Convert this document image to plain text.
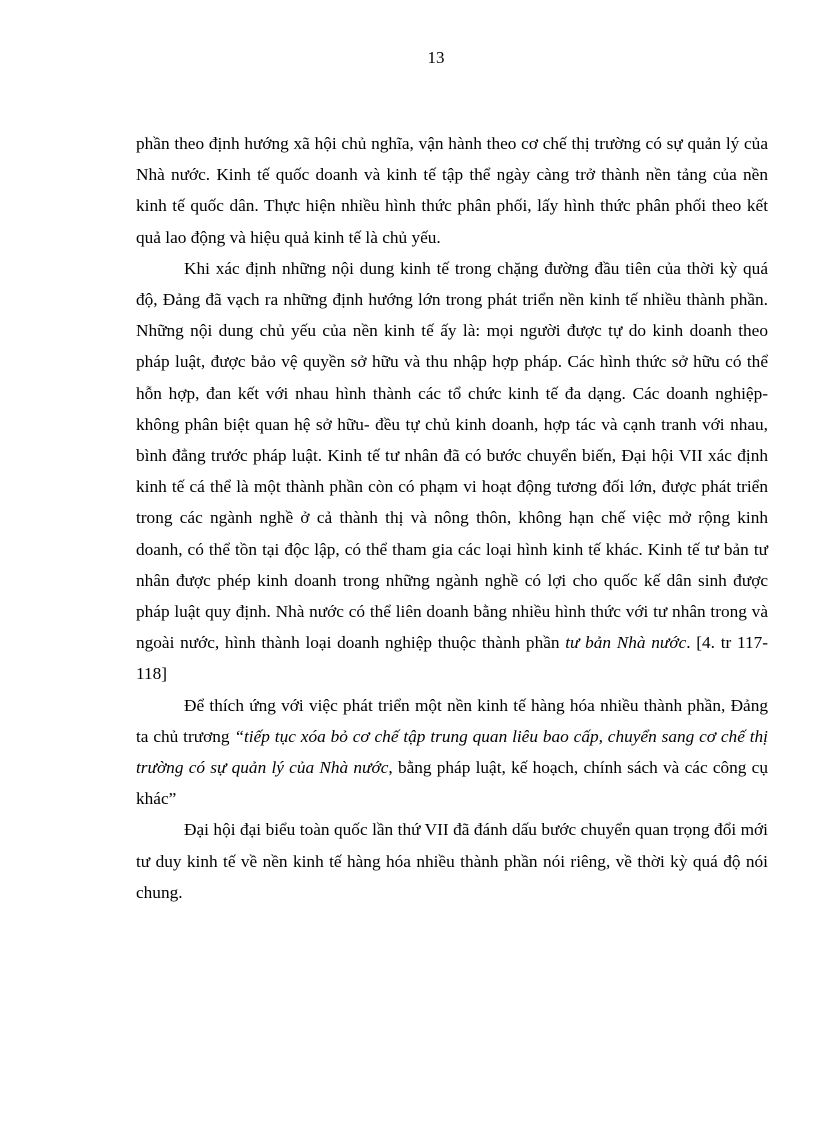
13

phần theo định hướng xã hội chủ nghĩa, vận hành theo cơ chế thị trường có sự quản lý của Nhà nước. Kinh tế quốc doanh và kinh tế tập thể ngày càng trở thành nền tảng của nền kinh tế quốc dân. Thực hiện nhiều hình thức phân phối, lấy hình thức phân phối theo kết quả lao động và hiệu quả kinh tế là chủ yếu.

Khi xác định những nội dung kinh tế trong chặng đường đầu tiên của thời kỳ quá độ, Đảng đã vạch ra những định hướng lớn trong phát triển nền kinh tế nhiều thành phần. Những nội dung chủ yếu của nền kinh tế ấy là: mọi người được tự do kinh doanh theo pháp luật, được bảo vệ quyền sở hữu và thu nhập hợp pháp. Các hình thức sở hữu có thể hỗn hợp, đan kết với nhau hình thành các tổ chức kinh tế đa dạng. Các doanh nghiệp- không phân biệt quan hệ sở hữu- đều tự chủ kinh doanh, hợp tác và cạnh tranh với nhau, bình đẳng trước pháp luật. Kinh tế tư nhân đã có bước chuyển biến, Đại hội VII xác định kinh tế cá thể là một thành phần còn có phạm vi hoạt động tương đối lớn, được phát triển trong các ngành nghề ở cả thành thị và nông thôn, không hạn chế việc mở rộng kinh doanh, có thể tồn tại độc lập, có thể tham gia các loại hình kinh tế khác. Kinh tế tư bản tư nhân được phép kinh doanh trong những ngành nghề có lợi cho quốc kế dân sinh được pháp luật quy định. Nhà nước có thể liên doanh bằng nhiều hình thức với tư nhân trong và ngoài nước, hình thành loại doanh nghiệp thuộc thành phần tư bản Nhà nước. [4. tr 117-118]

Để thích ứng với việc phát triển một nền kinh tế hàng hóa nhiều thành phần, Đảng ta chủ trương “tiếp tục xóa bỏ cơ chế tập trung quan liêu bao cấp, chuyển sang cơ chế thị trường có sự quản lý của Nhà nước, bằng pháp luật, kế hoạch, chính sách và các công cụ khác”

Đại hội đại biểu toàn quốc lần thứ VII đã đánh dấu bước chuyển quan trọng đổi mới tư duy kinh tế về nền kinh tế hàng hóa nhiều thành phần nói riêng, về thời kỳ quá độ nói chung.
